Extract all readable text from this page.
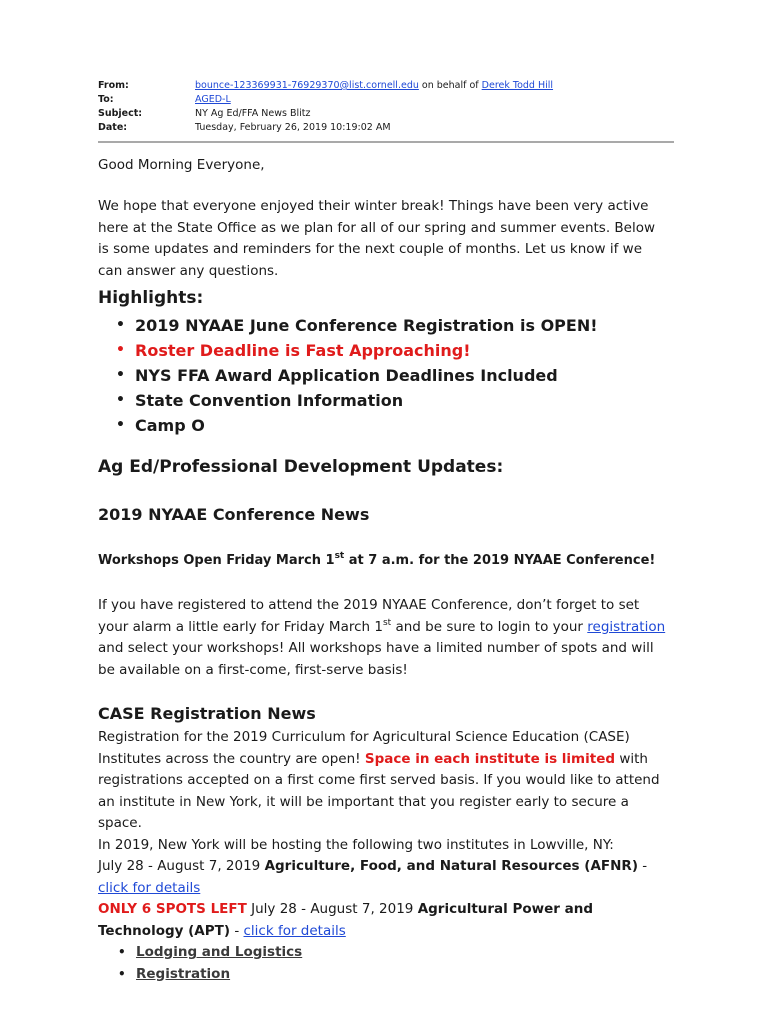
From:	bounce-123369931-76929370@list.cornell.edu on behalf of Derek Todd Hill
To:	AGED-L
Subject:	NY Ag Ed/FFA News Blitz
Date:	Tuesday, February 26, 2019 10:19:02 AM

Good Morning Everyone,

We hope that everyone enjoyed their winter break! Things have been very active here at the State Office as we plan for all of our spring and summer events. Below is some updates and reminders for the next couple of months. Let us know if we can answer any questions.

Highlights:
• 2019 NYAAE June Conference Registration is OPEN!
• Roster Deadline is Fast Approaching!
• NYS FFA Award Application Deadlines Included
• State Convention Information
• Camp O
Ag Ed/Professional Development Updates:
2019 NYAAE Conference News
Workshops Open Friday March 1st at 7 a.m. for the 2019 NYAAE Conference!

If you have registered to attend the 2019 NYAAE Conference, don’t forget to set your alarm a little early for Friday March 1st and be sure to login to your registration and select your workshops! All workshops have a limited number of spots and will be available on a first-come, first-serve basis!

CASE Registration News

Registration for the 2019 Curriculum for Agricultural Science Education (CASE) Institutes across the country are open! Space in each institute is limited with registrations accepted on a first come first served basis. If you would like to attend an institute in New York, it will be important that you register early to secure a space.

In 2019, New York will be hosting the following two institutes in Lowville, NY:

July 28 - August 7, 2019 Agriculture, Food, and Natural Resources (AFNR) - click for details

ONLY 6 SPOTS LEFT July 28 - August 7, 2019 Agricultural Power and Technology (APT) - click for details

• Lodging and Logistics
• Registration
